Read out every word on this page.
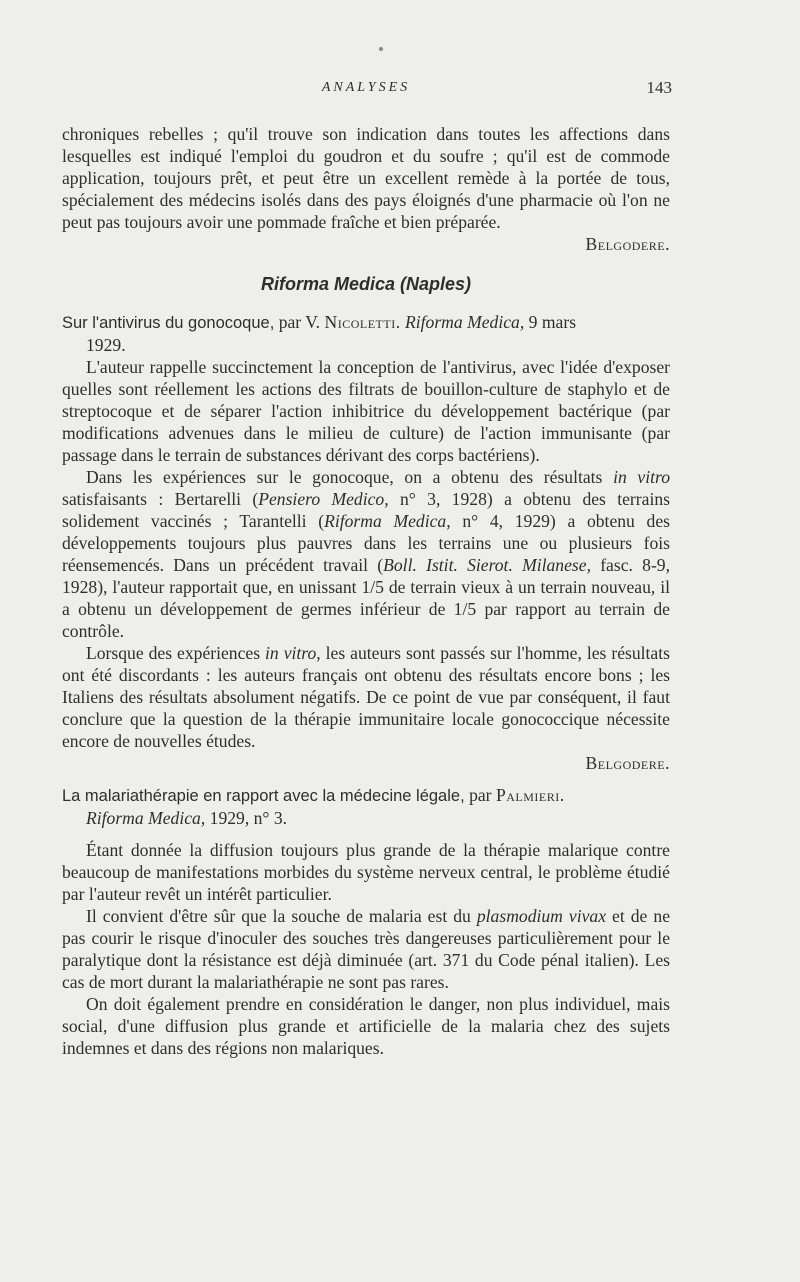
ANALYSES	143

chroniques rebelles ; qu'il trouve son indication dans toutes les affections dans lesquelles est indiqué l'emploi du goudron et du soufre ; qu'il est de commode application, toujours prêt, et peut être un excellent remède à la portée de tous, spécialement des médecins isolés dans des pays éloignés d'une pharmacie où l'on ne peut pas toujours avoir une pommade fraîche et bien préparée.

Belgodere.

Riforma Medica (Naples)

Sur l'antivirus du gonocoque, par V. Nicoletti. Riforma Medica, 9 mars

1929.

L'auteur rappelle succinctement la conception de l'antivirus, avec l'idée d'exposer quelles sont réellement les actions des filtrats de bouillon-culture de staphylo et de streptocoque et de séparer l'action inhibitrice du développement bactérique (par modifications advenues dans le milieu de culture) de l'action immunisante (par passage dans le terrain de substances dérivant des corps bactériens).

Dans les expériences sur le gonocoque, on a obtenu des résultats in vitro satisfaisants : Bertarelli (Pensiero Medico, n° 3, 1928) a obtenu des terrains solidement vaccinés ; Tarantelli (Riforma Medica, n° 4, 1929) a obtenu des développements toujours plus pauvres dans les terrains une ou plusieurs fois réensemencés. Dans un précédent travail (Boll. Istit. Sierot. Milanese, fasc. 8-9, 1928), l'auteur rapportait que, en unissant 1/5 de terrain vieux à un terrain nouveau, il a obtenu un développement de germes inférieur de 1/5 par rapport au terrain de contrôle.

Lorsque des expériences in vitro, les auteurs sont passés sur l'homme, les résultats ont été discordants : les auteurs français ont obtenu des résultats encore bons ; les Italiens des résultats absolument négatifs. De ce point de vue par conséquent, il faut conclure que la question de la thérapie immunitaire locale gonococcique nécessite encore de nouvelles études.

Belgodere.

La malariathérapie en rapport avec la médecine légale, par Palmieri.

Riforma Medica, 1929, n° 3.

Étant donnée la diffusion toujours plus grande de la thérapie malarique contre beaucoup de manifestations morbides du système nerveux central, le problème étudié par l'auteur revêt un intérêt particulier.

Il convient d'être sûr que la souche de malaria est du plasmodium vivax et de ne pas courir le risque d'inoculer des souches très dangereuses particulièrement pour le paralytique dont la résistance est déjà diminuée (art. 371 du Code pénal italien). Les cas de mort durant la malariathérapie ne sont pas rares.

On doit également prendre en considération le danger, non plus individuel, mais social, d'une diffusion plus grande et artificielle de la malaria chez des sujets indemnes et dans des régions non malariques.
